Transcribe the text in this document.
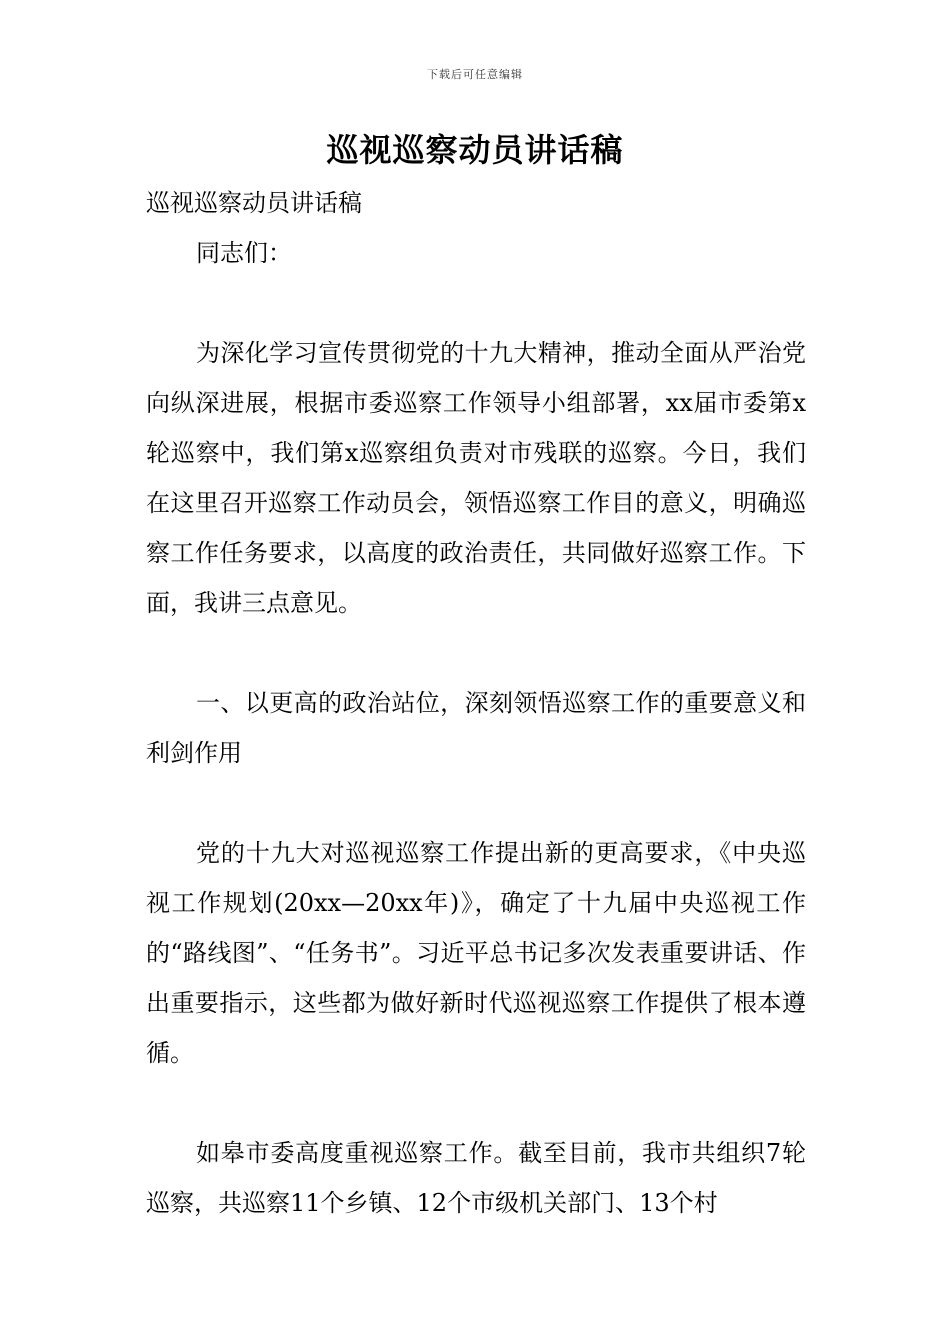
下载后可任意编辑
巡视巡察动员讲话稿

巡视巡察动员讲话稿

同志们：

为深化学习宣传贯彻党的十九大精神，推动全面从严治党向纵深进展，根据市委巡察工作领导小组部署，xx届市委第x轮巡察中，我们第x巡察组负责对市残联的巡察。今日，我们在这里召开巡察工作动员会，领悟巡察工作目的意义，明确巡察工作任务要求，以高度的政治责任，共同做好巡察工作。下面，我讲三点意见。

一、以更高的政治站位，深刻领悟巡察工作的重要意义和利剑作用

党的十九大对巡视巡察工作提出新的更高要求，《中央巡视工作规划(20xx—20xx年)》，确定了十九届中央巡视工作的“路线图”、“任务书”。习近平总书记多次发表重要讲话、作出重要指示，这些都为做好新时代巡视巡察工作提供了根本遵循。

如皋市委高度重视巡察工作。截至目前，我市共组织7轮巡察，共巡察11个乡镇、12个市级机关部门、13个村
